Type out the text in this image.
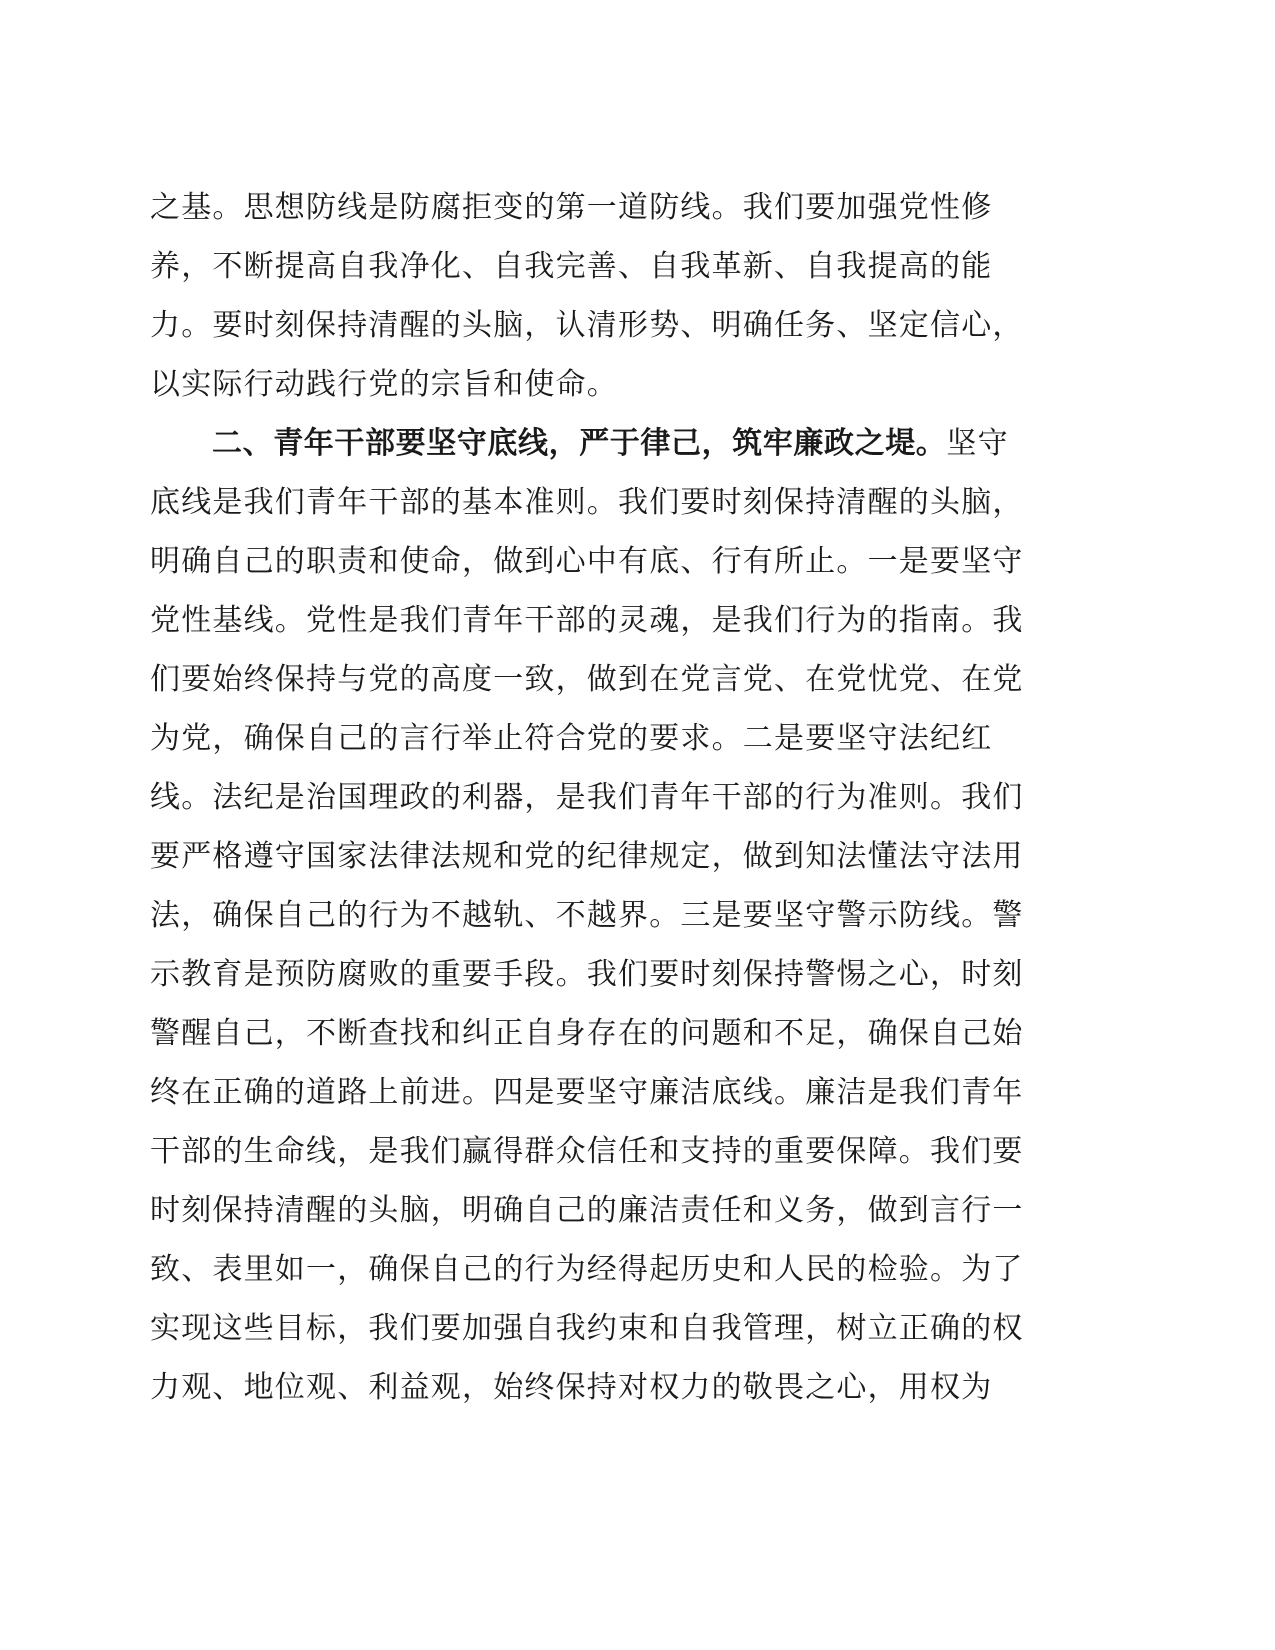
之基。思想防线是防腐拒变的第一道防线。我们要加强党性修
养，不断提高自我净化、自我完善、自我革新、自我提高的能
力。要时刻保持清醒的头脑，认清形势、明确任务、坚定信心，
以实际行动践行党的宗旨和使命。
二、青年干部要坚守底线，严于律己，筑牢廉政之堤。坚守
底线是我们青年干部的基本准则。我们要时刻保持清醒的头脑，
明确自己的职责和使命，做到心中有底、行有所止。一是要坚守
党性基线。党性是我们青年干部的灵魂，是我们行为的指南。我
们要始终保持与党的高度一致，做到在党言党、在党忧党、在党
为党，确保自己的言行举止符合党的要求。二是要坚守法纪红
线。法纪是治国理政的利器，是我们青年干部的行为准则。我们
要严格遵守国家法律法规和党的纪律规定，做到知法懂法守法用
法，确保自己的行为不越轨、不越界。三是要坚守警示防线。警
示教育是预防腐败的重要手段。我们要时刻保持警惕之心，时刻
警醒自己，不断查找和纠正自身存在的问题和不足，确保自己始
终在正确的道路上前进。四是要坚守廉洁底线。廉洁是我们青年
干部的生命线，是我们赢得群众信任和支持的重要保障。我们要
时刻保持清醒的头脑，明确自己的廉洁责任和义务，做到言行一
致、表里如一，确保自己的行为经得起历史和人民的检验。为了
实现这些目标，我们要加强自我约束和自我管理，树立正确的权
力观、地位观、利益观，始终保持对权力的敬畏之心，用权为
